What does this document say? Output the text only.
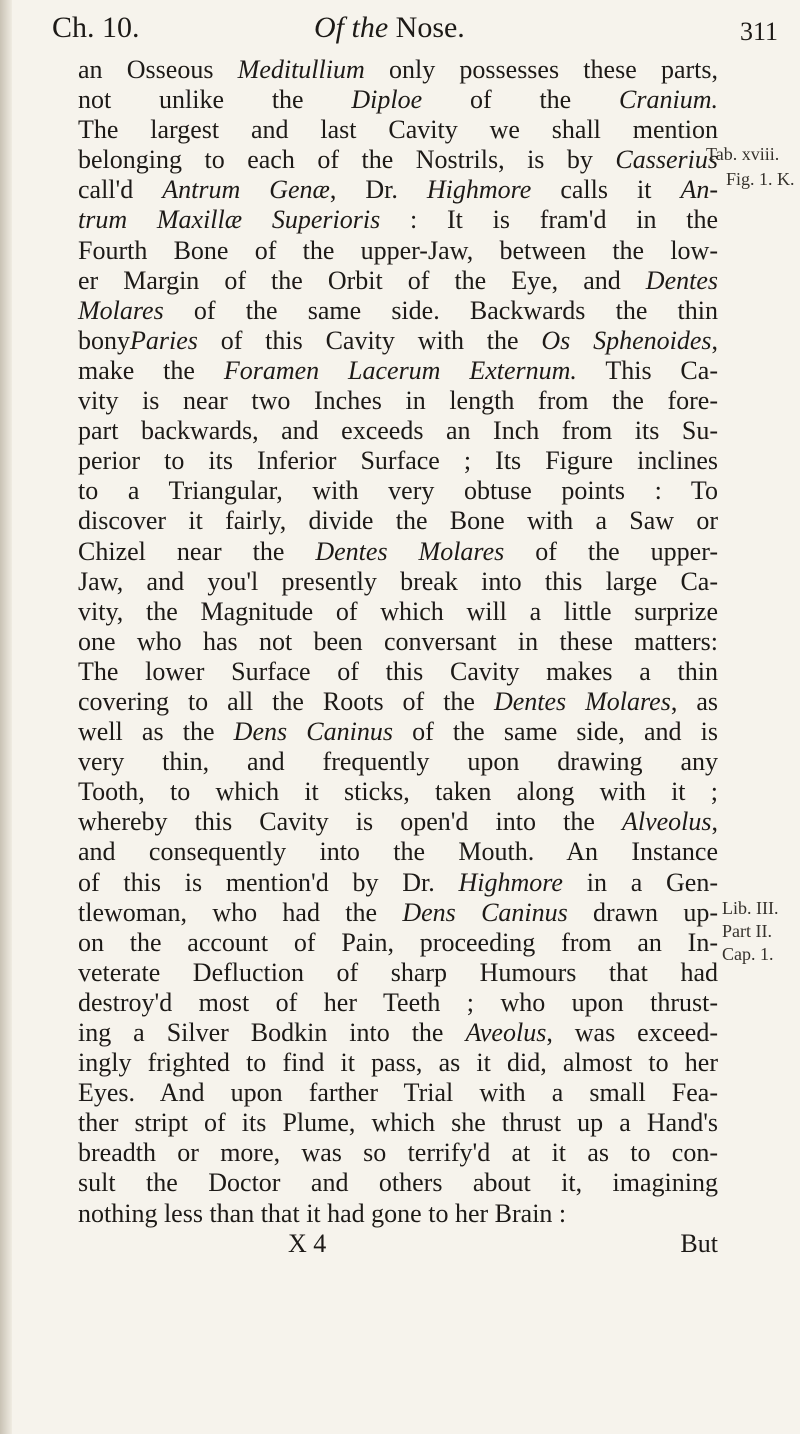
Ch. 10.	Of the Nose.	311
an Osseous Meditullium only possesses these parts,
not unlike the Diploe of the Cranium.
The largest and last Cavity we shall mention
belonging to each of the Nostrils, is by Casserius
call'd Antrum Genæ, Dr. Highmore calls it An-
trum Maxillæ Superioris : It is fram'd in the
Fourth Bone of the upper-Jaw, between the low-
er Margin of the Orbit of the Eye, and Dentes
Molares of the same side. Backwards the thin
bonyParies of this Cavity with the Os Sphenoides,
make the Foramen Lacerum Externum. This Ca-
vity is near two Inches in length from the fore-
part backwards, and exceeds an Inch from its Su-
perior to its Inferior Surface ; Its Figure inclines
to a Triangular, with very obtuse points : To
discover it fairly, divide the Bone with a Saw or
Chizel near the Dentes Molares of the upper-
Jaw, and you'l presently break into this large Ca-
vity, the Magnitude of which will a little surprize
one who has not been conversant in these matters:
The lower Surface of this Cavity makes a thin
covering to all the Roots of the Dentes Molares, as
well as the Dens Caninus of the same side, and is
very thin, and frequently upon drawing any
Tooth, to which it sticks, taken along with it ;
whereby this Cavity is open'd into the Alveolus,
and consequently into the Mouth. An Instance
of this is mention'd by Dr. Highmore in a Gen-
tlewoman, who had the Dens Caninus drawn up-
on the account of Pain, proceeding from an In-
veterate Defluction of sharp Humours that had
destroy'd most of her Teeth ; who upon thrust-
ing a Silver Bodkin into the Aveolus, was exceed-
ingly frighted to find it pass, as it did, almost to her
Eyes. And upon farther Trial with a small Fea-
ther stript of its Plume, which she thrust up a Hand's
breadth or more, was so terrify'd at it as to con-
sult the Doctor and others about it, imagining
nothing less than that it had gone to her Brain :
X 4	But
Tab. xviii.
Fig. 1. K.
Lib. III.
Part II.
Cap. 1.
